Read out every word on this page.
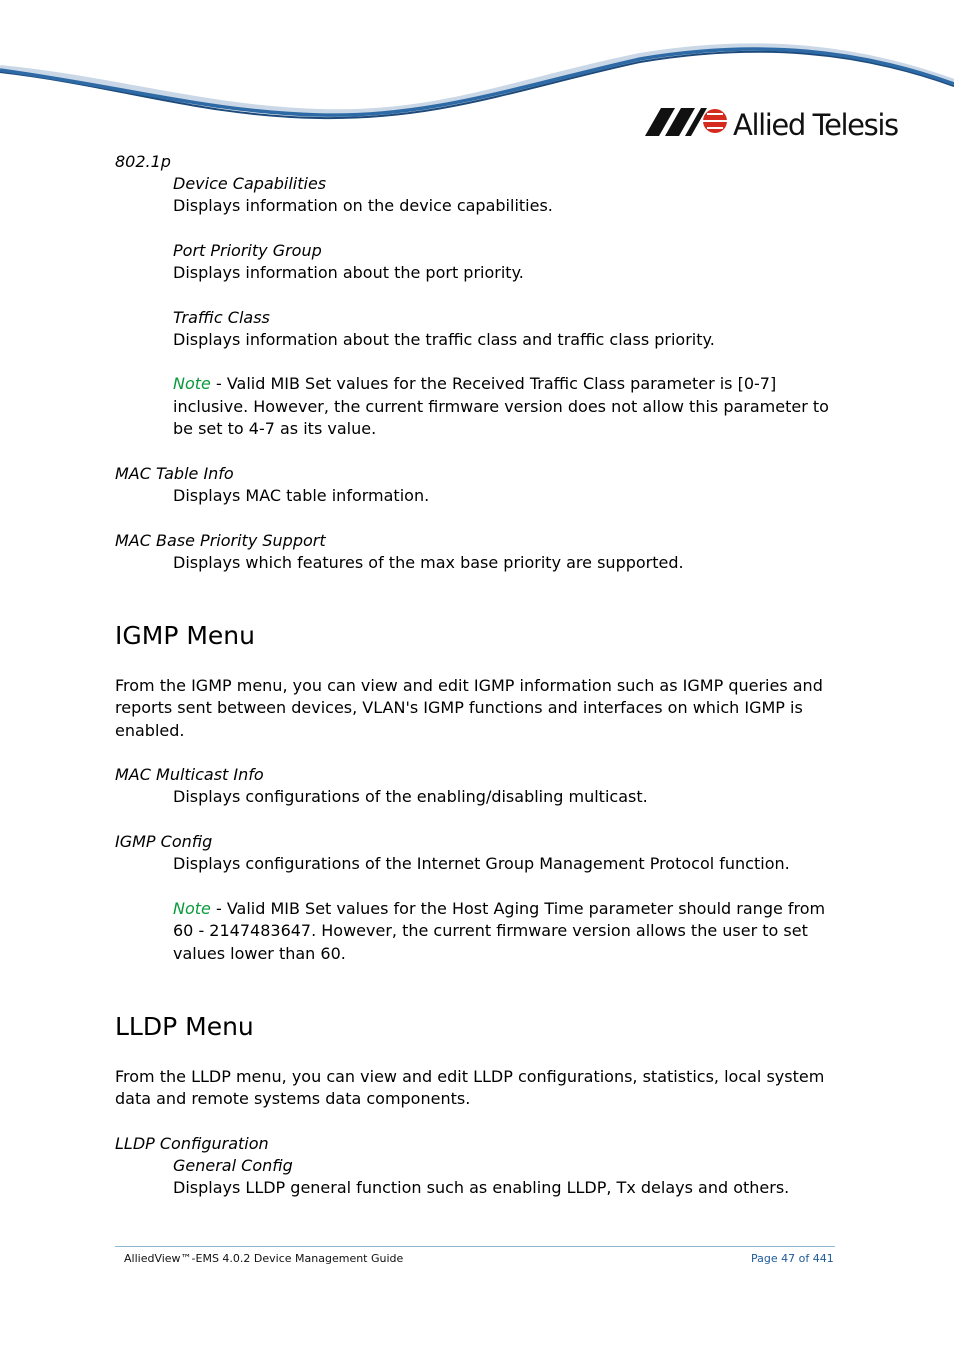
Allied Telesis
802.1p
Device Capabilities
Displays information on the device capabilities.
Port Priority Group
Displays information about the port priority.
Traffic Class
Displays information about the traffic class and traffic class priority.
Note - Valid MIB Set values for the Received Traffic Class parameter is [0-7]
inclusive. However, the current firmware version does not allow this parameter to
be set to 4-7 as its value.
MAC Table Info
Displays MAC table information.
MAC Base Priority Support
Displays which features of the max base priority are supported.
IGMP Menu
From the IGMP menu, you can view and edit IGMP information such as IGMP queries and
reports sent between devices, VLAN's IGMP functions and interfaces on which IGMP is
enabled.
MAC Multicast Info
Displays configurations of the enabling/disabling multicast.
IGMP Config
Displays configurations of the Internet Group Management Protocol function.
Note - Valid MIB Set values for the Host Aging Time parameter should range from
60 - 2147483647. However, the current firmware version allows the user to set
values lower than 60.
LLDP Menu
From the LLDP menu, you can view and edit LLDP configurations, statistics, local system
data and remote systems data components.
LLDP Configuration
General Config
Displays LLDP general function such as enabling LLDP, Tx delays and others.
AlliedView™-EMS 4.0.2 Device Management Guide	Page 47 of 441
